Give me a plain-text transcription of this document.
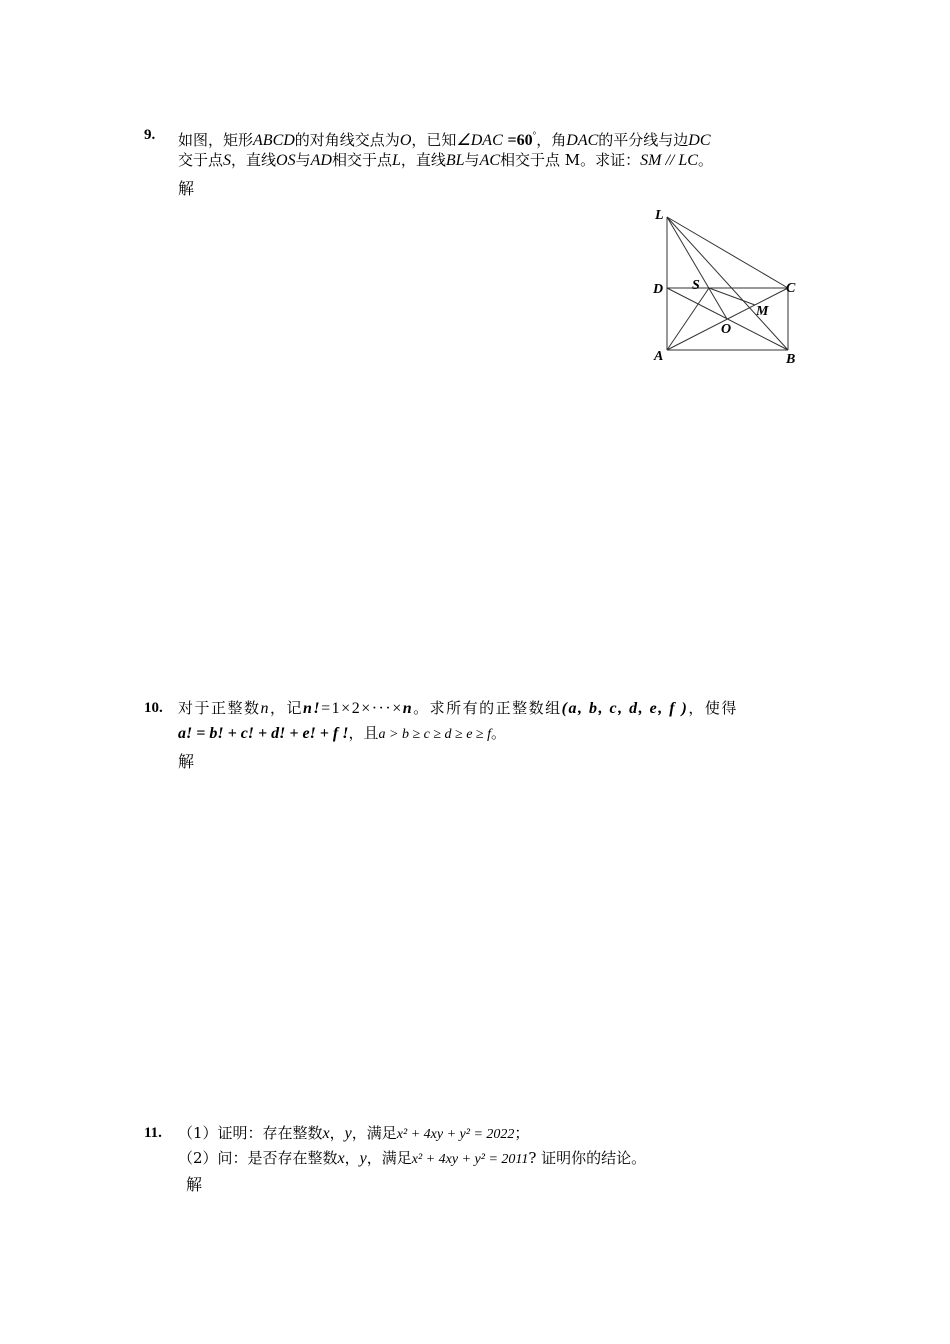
9. 如图，矩形ABCD的对角线交点为O，已知∠DAC =60°，角DAC的平分线与边DC
交于点S，直线OS与AD相交于点L，直线BL与AC相交于点 M。求证：SM // LC。
解
L
D S	C
M
O
A	B
10. 对于正整数n，记n!=1×2×···×n。求所有的正整数组(a, b, c, d, e, f )，使得
a! = b! + c! + d! + e! + f !，且a > b ≥ c ≥ d ≥ e ≥ f。
解
11. （1）证明：存在整数x，y，满足x² + 4xy + y² = 2022；
（2）问：是否存在整数x，y，满足x² + 4xy + y² = 2011? 证明你的结论。
解
